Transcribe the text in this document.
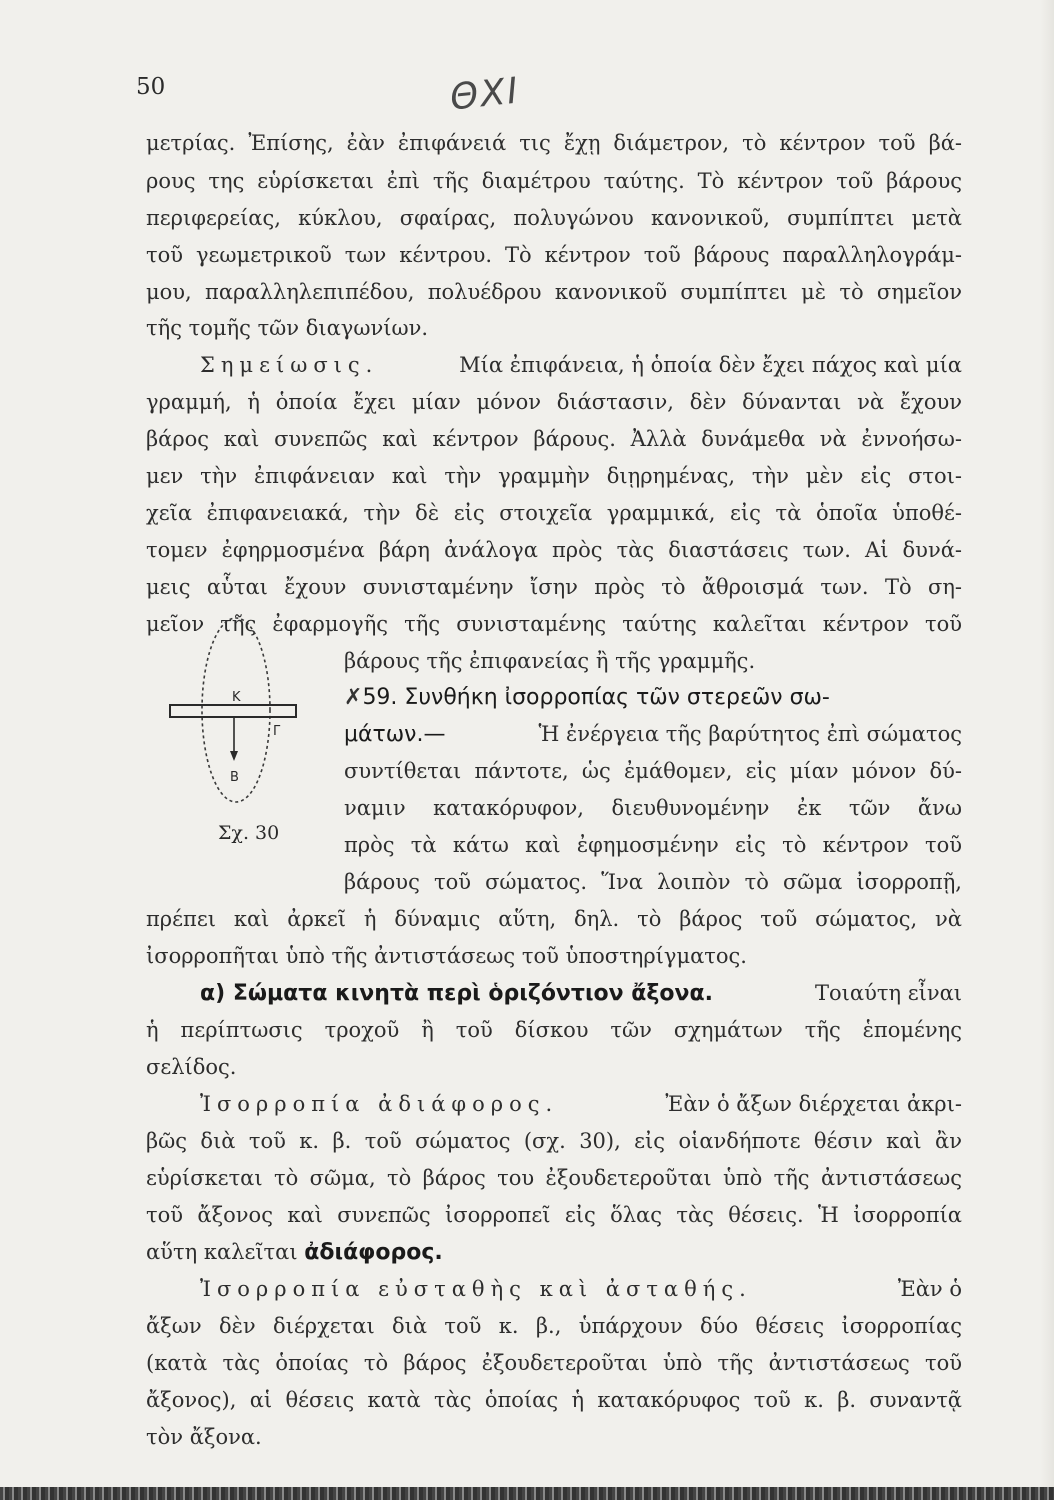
50	ΘΧΙ
μετρίας. Ἐπίσης, ἐὰν ἐπιφάνειά τις ἔχῃ διάμετρον, τὸ κέντρον τοῦ βά-
ρους της εὑρίσκεται ἐπὶ τῆς διαμέτρου ταύτης. Τὸ κέντρον τοῦ βάρους
περιφερείας, κύκλου, σφαίρας, πολυγώνου κανονικοῦ, συμπίπτει μετὰ
τοῦ γεωμετρικοῦ των κέντρου. Τὸ κέντρον τοῦ βάρους παραλληλογράμ-
μου, παραλληλεπιπέδου, πολυέδρου κανονικοῦ συμπίπτει μὲ τὸ σημεῖον
τῆς τομῆς τῶν διαγωνίων.
Σημείωσις.	Μία ἐπιφάνεια, ἡ ὁποία δὲν ἔχει πάχος καὶ μία
γραμμή, ἡ ὁποία ἔχει μίαν μόνον διάστασιν, δὲν δύνανται νὰ ἔχουν
βάρος καὶ συνεπῶς καὶ κέντρον βάρους. Ἀλλὰ δυνάμεθα νὰ ἐννοήσω-
μεν τὴν ἐπιφάνειαν καὶ τὴν γραμμὴν διῃρημένας, τὴν μὲν εἰς στοι-
χεῖα ἐπιφανειακά, τὴν δὲ εἰς στοιχεῖα γραμμικά, εἰς τὰ ὁποῖα ὑποθέ-
τομεν ἐφηρμοσμένα βάρη ἀνάλογα πρὸς τὰς διαστάσεις των. Αἱ δυνά-
μεις αὗται ἔχουν συνισταμένην ἴσην πρὸς τὸ ἄθροισμά των. Τὸ ση-
μεῖον τῆς ἐφαρμογῆς τῆς συνισταμένης ταύτης καλεῖται κέντρον τοῦ
βάρους τῆς ἐπιφανείας ἢ τῆς γραμμῆς.
Κ
Γ
Β
Σχ. 30
✗59. Συνθήκη ἰσορροπίας τῶν στερεῶν σω-
μάτων.—	Ἡ ἐνέργεια τῆς βαρύτητος ἐπὶ σώματος
συντίθεται πάντοτε, ὡς ἐμάθομεν, εἰς μίαν μόνον δύ-
ναμιν κατακόρυφον, διευθυνομένην ἐκ τῶν ἄνω
πρὸς τὰ κάτω καὶ ἐφημοσμένην εἰς τὸ κέντρον τοῦ
βάρους τοῦ σώματος. Ἵνα λοιπὸν τὸ σῶμα ἰσορροπῇ,
πρέπει καὶ ἀρκεῖ ἡ δύναμις αὕτη, δηλ. τὸ βάρος τοῦ σώματος, νὰ
ἰσορροπῆται ὑπὸ τῆς ἀντιστάσεως τοῦ ὑποστηρίγματος.
α) Σώματα κινητὰ περὶ ὁριζόντιον ἄξονα.	Τοιαύτη εἶναι
ἡ περίπτωσις τροχοῦ ἢ τοῦ δίσκου τῶν σχημάτων τῆς ἑπομένης
σελίδος.
Ἰσορροπία ἀδιάφορος.	Ἐὰν ὁ ἄξων διέρχεται ἀκρι-
βῶς διὰ τοῦ κ. β. τοῦ σώματος (σχ. 30), εἰς οἱανδήποτε θέσιν καὶ ἂν
εὑρίσκεται τὸ σῶμα, τὸ βάρος του ἐξουδετεροῦται ὑπὸ τῆς ἀντιστάσεως
τοῦ ἄξονος καὶ συνεπῶς ἰσορροπεῖ εἰς ὅλας τὰς θέσεις. Ἡ ἰσορροπία
αὕτη καλεῖται ἀδιάφορος.
Ἰσορροπία εὐσταθὴς καὶ ἀσταθής.	Ἐὰν ὁ
ἄξων δὲν διέρχεται διὰ τοῦ κ. β., ὑπάρχουν δύο θέσεις ἰσορροπίας
(κατὰ τὰς ὁποίας τὸ βάρος ἐξουδετεροῦται ὑπὸ τῆς ἀντιστάσεως τοῦ
ἄξονος), αἱ θέσεις κατὰ τὰς ὁποίας ἡ κατακόρυφος τοῦ κ. β. συναντᾷ
τὸν ἄξονα.
